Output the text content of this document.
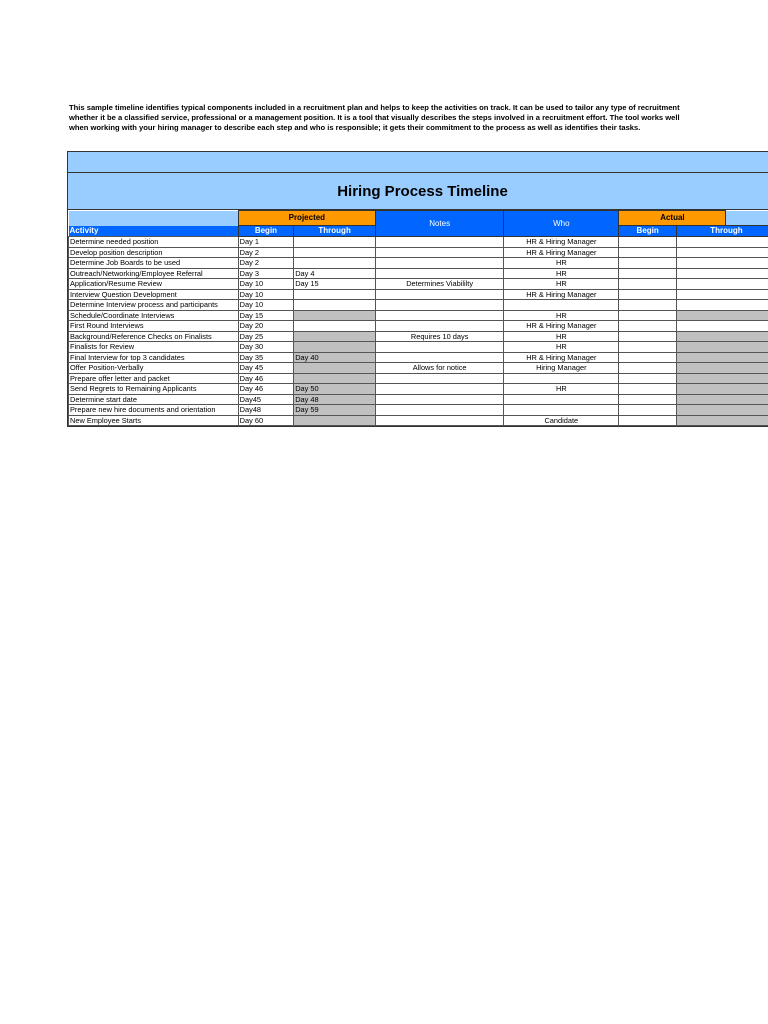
This sample timeline identifies typical components included in a recruitment plan and helps to keep the activities on track. It can be used to tailor any type of recruitment whether it be a classified service, professional or a management position. It is a tool that visually describes the steps involved in a recruitment effort. The tool works well when working with your hiring manager to describe each step and who is responsible; it gets their commitment to the process as well as identifies their tasks.
Hiring Process Timeline
	Projected		Notes	Who	Actual		
Activity	Begin	Through			Begin	Through	
Determine needed position	Day 1			HR & Hiring Manager			
Develop position description	Day 2			HR & Hiring Manager			
Determine Job Boards to be used	Day 2			HR			
Outreach/Networking/Employee Referral	Day 3	Day 4		HR			
Application/Resume Review	Day 10	Day 15	Determines Viabililty	HR			
Interview Question Development	Day 10			HR & Hiring Manager			
Determine Interview process and participants	Day 10						
Schedule/Coordinate Interviews	Day 15			HR			
First Round Interviews	Day 20			HR & Hiring Manager			
Background/Reference Checks on Finalists	Day 25		Requires 10 days	HR			
Finalists for Review	Day 30			HR			
Final Interview for top 3 candidates	Day 35	Day 40		HR & Hiring Manager			
Offer Position-Verbally	Day 45		Allows for notice	Hiring Manager			
Prepare offer letter and packet	Day 46						
Send Regrets to Remaining Applicants	Day 46	Day 50		HR			
Determine start date	Day45	Day 48					
Prepare new hire documents and orientation	Day48	Day 59					
New Employee Starts	Day 60			Candidate			
